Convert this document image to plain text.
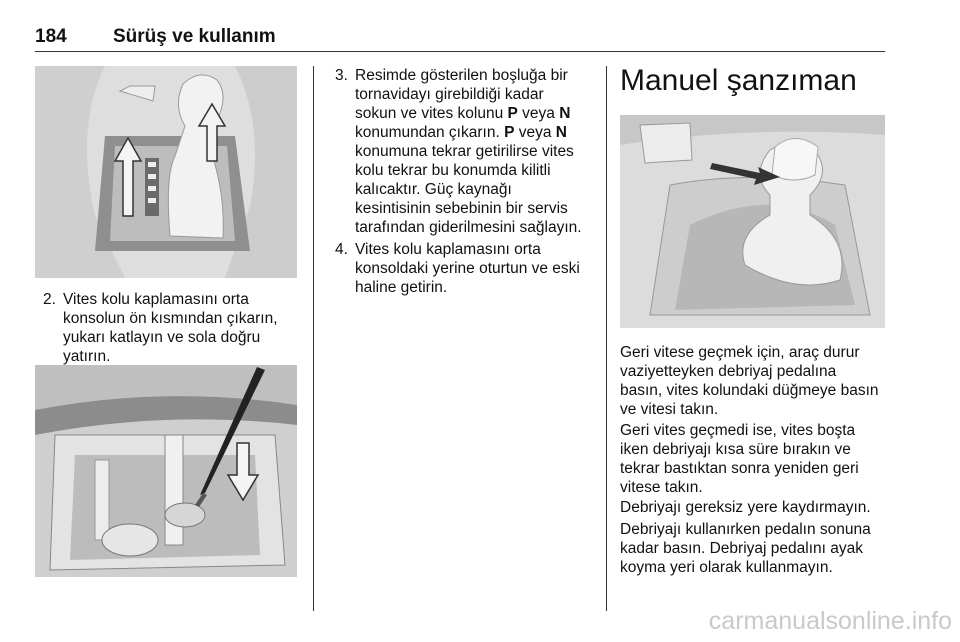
184 Sürüş ve kullanım
2. Vites kolu kaplamasını orta
konsolun ön kısmından çıkarın,
yukarı katlayın ve sola doğru
yatırın.
3. Resimde gösterilen boşluğa bir
tornavidayı girebildiği kadar
sokun ve vites kolunu P veya N
konumundan çıkarın. P veya N
konumuna tekrar getirilirse vites
kolu tekrar bu konumda kilitli
kalıcaktır. Güç kaynağı
kesintisinin sebebinin bir servis
tarafından giderilmesini sağlayın.
4. Vites kolu kaplamasını orta
konsoldaki yerine oturtun ve eski
haline getirin.
Manuel şanzıman
Geri vitese geçmek için, araç durur
vaziyetteyken debriyaj pedalına
basın, vites kolundaki düğmeye basın
ve vitesi takın.
Geri vites geçmedi ise, vites boşta
iken debriyajı kısa süre bırakın ve
tekrar bastıktan sonra yeniden geri
vitese takın.
Debriyajı gereksiz yere kaydırmayın.
Debriyajı kullanırken pedalın sonuna
kadar basın. Debriyaj pedalını ayak
koyma yeri olarak kullanmayın.
carmanualsonline.info
